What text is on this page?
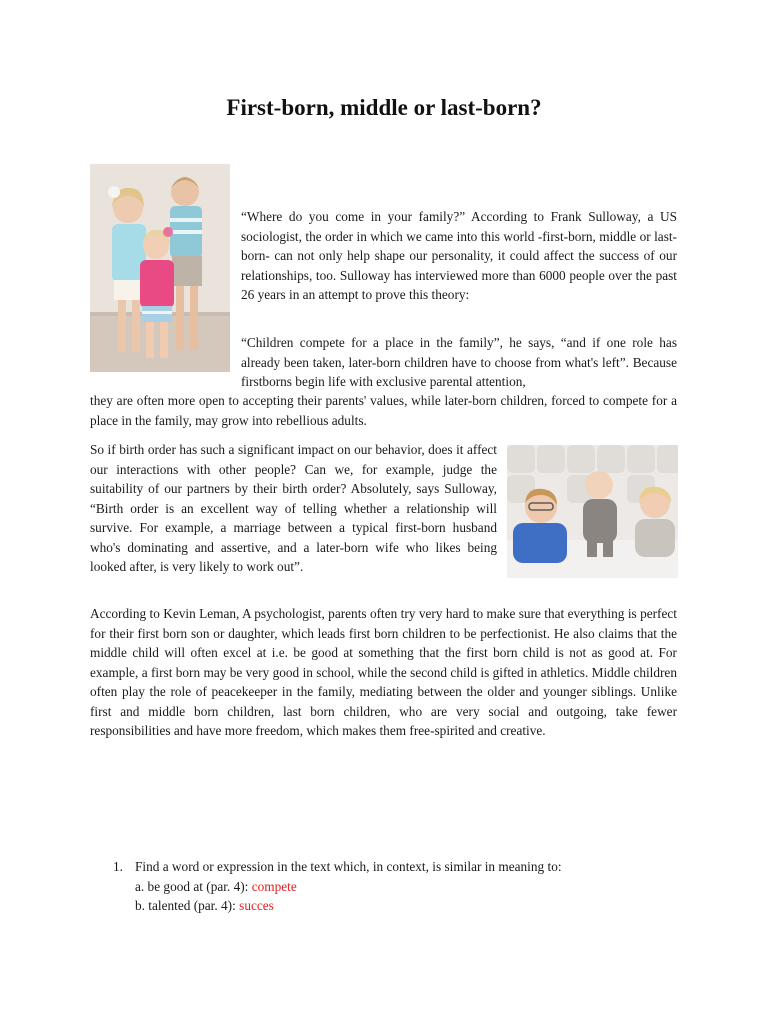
First-born, middle or last-born?

“Where do you come in your family?” According to Frank Sulloway, a US sociologist, the order in which we came into this world -first-born, middle or last-born- can not only help shape our personality, it could affect the success of our relationships, too. Sulloway has interviewed more than 6000 people over the past 26 years in an attempt to prove this theory:

“Children compete for a place in the family”, he says, “and if one role has already been taken, later-born children have to choose from what's left”. Because firstborns begin life with exclusive parental attention,

they are often more open to accepting their parents' values, while later-born children, forced to compete for a place in the family, may grow into rebellious adults.

So if birth order has such a significant impact on our behavior, does it affect our interactions with other people? Can we, for example, judge the suitability of our partners by their birth order? Absolutely, says Sulloway, “Birth order is an excellent way of telling whether a relationship will survive. For example, a marriage between a typical first-born husband who's dominating and assertive, and a later-born wife who likes being looked after, is very likely to work out”.

According to Kevin Leman, A psychologist, parents often try very hard to make sure that everything is perfect for their first born son or daughter, which leads first born children to be perfectionist. He also claims that the middle child will often excel at i.e. be good at something that the first born child is not as good at. For example, a first born may be very good in school, while the second child is gifted in athletics. Middle children often play the role of peacekeeper in the family, mediating between the older and younger siblings. Unlike first and middle born children, last born children, who are very social and outgoing, take fewer responsibilities and have more freedom, which makes them free-spirited and creative.

1. Find a word or expression in the text which, in context, is similar in meaning to:
a. be good at (par. 4): compete
b. talented (par. 4): succes
